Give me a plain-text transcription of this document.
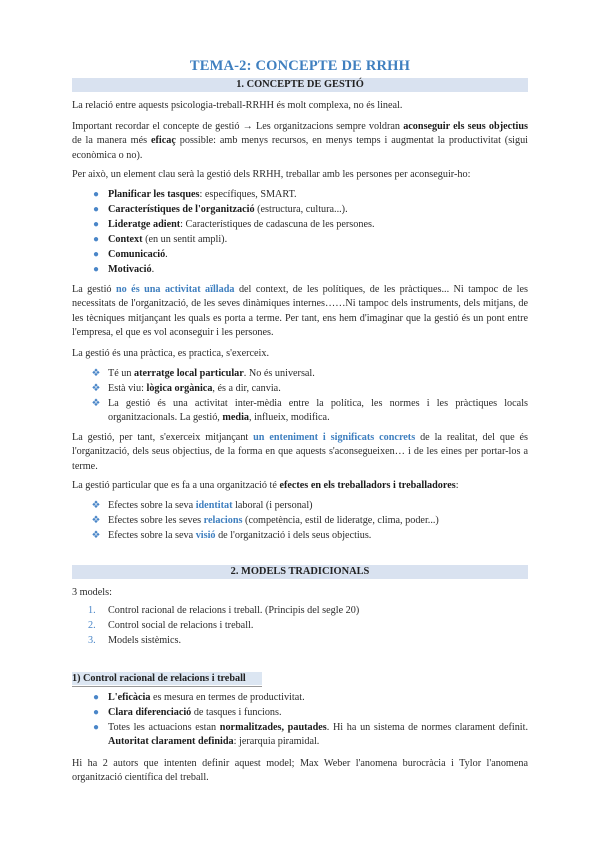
TEMA-2: CONCEPTE DE RRHH
1. CONCEPTE DE GESTIÓ
La relació entre aquests psicologia-treball-RRHH és molt complexa, no és lineal.
Important recordar el concepte de gestió → Les organitzacions sempre voldran aconseguir els seus objectius de la manera més eficaç possible: amb menys recursos, en menys temps i augmentat la productivitat (sigui econòmica o no).
Per això, un element clau serà la gestió dels RRHH, treballar amb les persones per aconseguir-ho:
● Planificar les tasques: específiques, SMART.
● Característiques de l'organització (estructura, cultura...).
● Lideratge adient: Característiques de cadascuna de les persones.
● Context (en un sentit ampli).
● Comunicació.
● Motivació.
La gestió no és una activitat aïllada del context, de les polítiques, de les pràctiques... Ni tampoc de les necessitats de l'organització, de les seves dinàmiques internes……Ni tampoc dels instruments, dels mitjans, de les tècniques mitjançant les quals es porta a terme. Per tant, ens hem d'imaginar que la gestió és un pont entre l'empresa, el que es vol aconseguir i les persones.
La gestió és una pràctica, es practica, s'exerceix.
❖ Té un aterratge local particular. No és universal.
❖ Està viu: lògica orgànica, és a dir, canvia.
❖ La gestió és una activitat inter-mèdia entre la política, les normes i les pràctiques locals organitzacionals. La gestió, media, influeix, modifica.
La gestió, per tant, s'exerceix mitjançant un enteniment i significats concrets de la realitat, del que és l'organització, dels seus objectius, de la forma en que aquests s'aconsegueixen… i de les eines per portar-los a terme.
La gestió particular que es fa a una organització té efectes en els treballadors i treballadores:
❖ Efectes sobre la seva identitat laboral (i personal)
❖ Efectes sobre les seves relacions (competència, estil de lideratge, clima, poder...)
❖ Efectes sobre la seva visió de l'organització i dels seus objectius.
2. MODELS TRADICIONALS
3 models:
1.	Control racional de relacions i treball. (Principis del segle 20)
2.	Control social de relacions i treball.
3.	Models sistèmics.
1) Control racional de relacions i treball
● L'eficàcia es mesura en termes de productivitat.
● Clara diferenciació de tasques i funcions.
● Totes les actuacions estan normalitzades, pautades. Hi ha un sistema de normes clarament definit. Autoritat clarament definida: jerarquia piramidal.
Hi ha 2 autors que intenten definir aquest model; Max Weber l'anomena burocràcia i Tylor l'anomena organització científica del treball.
